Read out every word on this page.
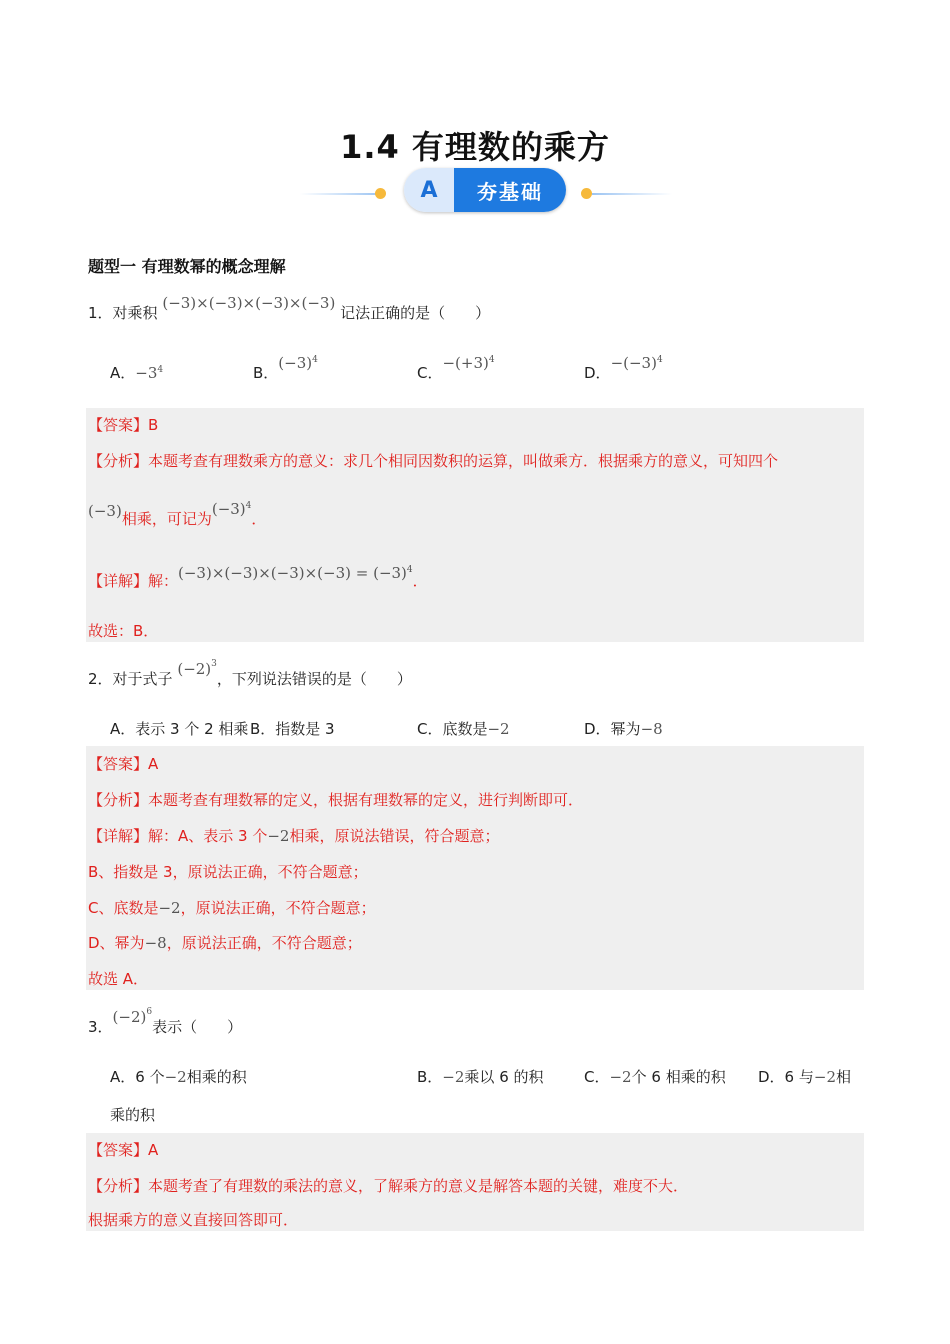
1.4 有理数的乘方
A	夯基础
题型一 有理数幂的概念理解
1．对乘积 (−3)×(−3)×(−3)×(−3) 记法正确的是（　　）
A．$-3^4$	B．$(-3)^4$
C．$-(+3)^4$
D．$-(-3)^4$
【答案】B
【分析】本题考查有理数乘方的意义：求几个相同因数积的运算，叫做乘方．根据乘方的意义，可知四个
(−3)相乘，可记为$(-3)^4$．
【详解】解：$(-3)\times(-3)\times(-3)\times(-3) = (-3)^4$．
故选：B．
2．对于式子 $(-2)^3$，下列说法错误的是（　　）
A．表示 3 个 2 相乘 B．指数是 3	C．底数是−2	D．幂为−8
【答案】A
【分析】本题考查有理数幂的定义，根据有理数幂的定义，进行判断即可．
【详解】解：A、表示 3 个−2相乘，原说法错误，符合题意；
B、指数是 3，原说法正确，不符合题意；
C、底数是−2，原说法正确，不符合题意；
D、幂为−8，原说法正确，不符合题意；
故选 A．
3．$(-2)^6$表示（　　）
A．6 个−2相乘的积	B．−2乘以 6 的积	C．−2个 6 相乘的积 D．6 与−2相
乘的积
【答案】A
【分析】本题考查了有理数的乘法的意义，了解乘方的意义是解答本题的关键，难度不大．
根据乘方的意义直接回答即可．
